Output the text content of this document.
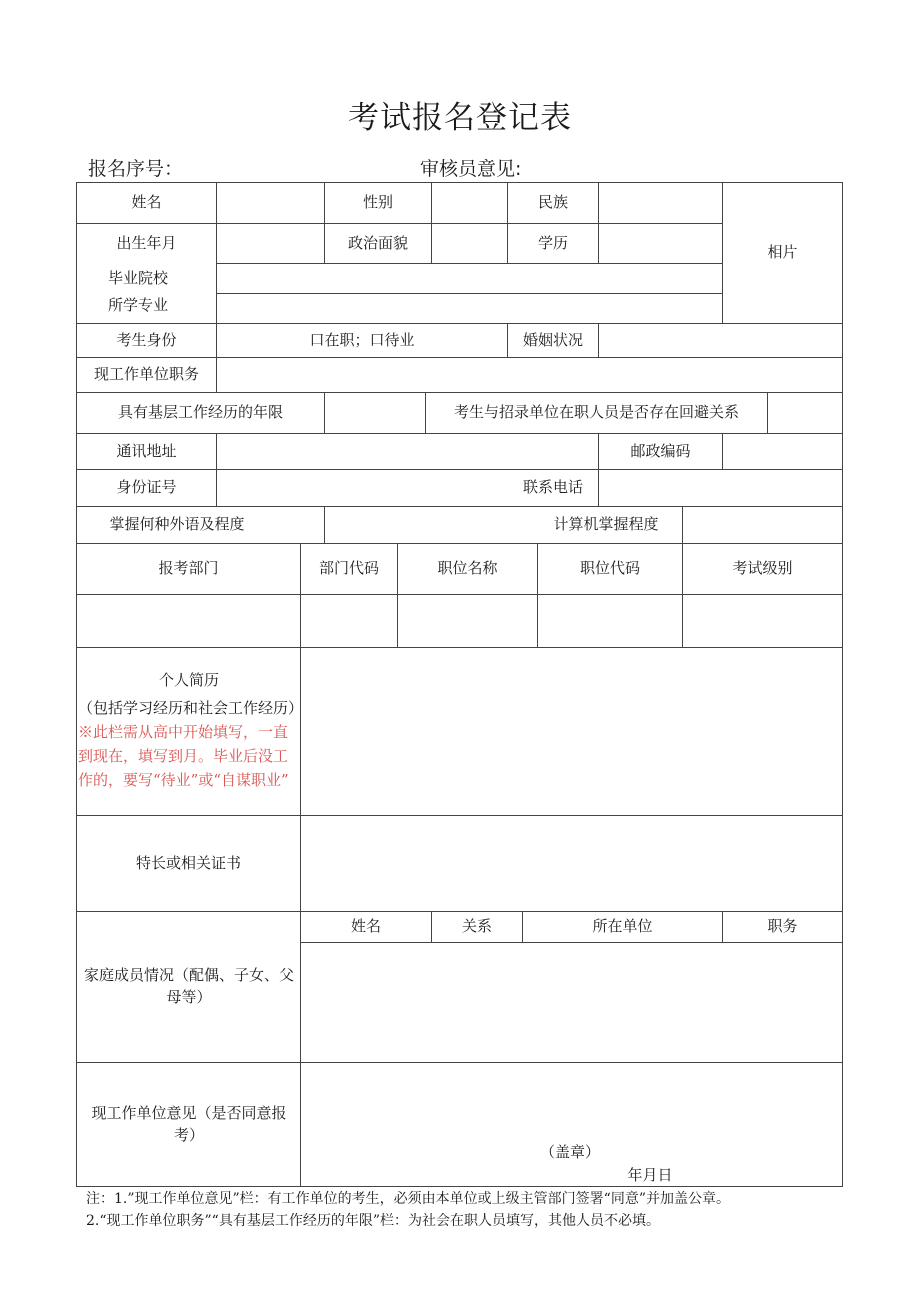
考试报名登记表
报名序号：	审核员意见:
姓名	性别	民族
相片
出生年月	政治面貌	学历
毕业院校
所学专业
考生身份	口在职；口待业	婚姻状况
现工作单位职务
具有基层工作经历的年限	考生与招录单位在职人员是否存在回避关系
通讯地址	邮政编码
身份证号	联系电话
掌握何种外语及程度	计算机掌握程度
报考部门	部门代码	职位名称	职位代码	考试级别
个人简历
（包括学习经历和社会工作经历）※此栏需从高中开始填写，一直到现在，填写到月。毕业后没工作的，要写“待业”或“自谋职业”
特长或相关证书
家庭成员情况（配偶、子女、父母等）
姓名	关系	所在单位	职务
现工作单位意见（是否同意报考）
（盖章）
年月日
注：1.”现工作单位意见”栏：有工作单位的考生，必须由本单位或上级主管部门签署“同意”并加盖公章。
2.“现工作单位职务”“具有基层工作经历的年限”栏：为社会在职人员填写，其他人员不必填。
